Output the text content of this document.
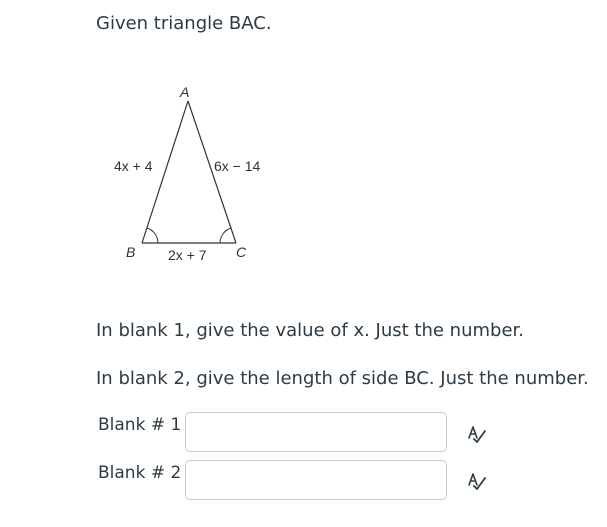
Given triangle BAC.
A
B	C
4x + 4	6x − 14
2x + 7
In blank 1, give the value of x. Just the number.
In blank 2, give the length of side BC. Just the number.
Blank # 1
Blank # 2
